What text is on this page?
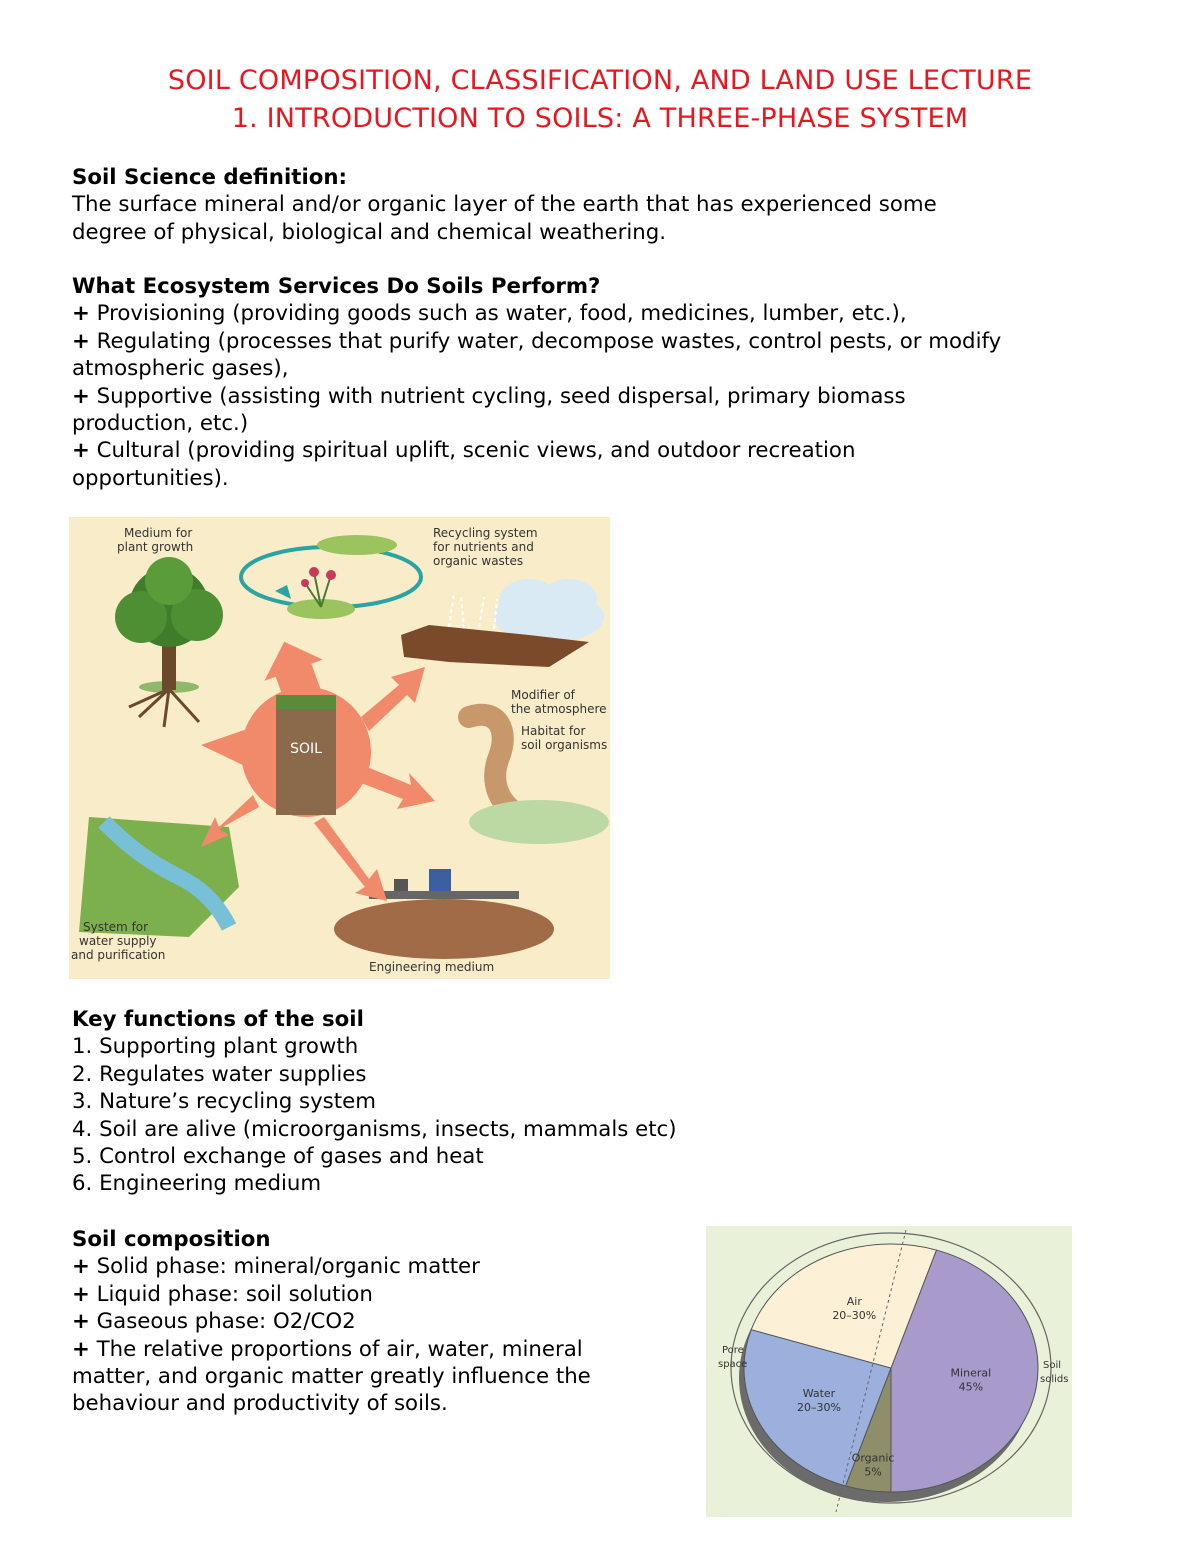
SOIL COMPOSITION, CLASSIFICATION, AND LAND USE LECTURE
1. INTRODUCTION TO SOILS: A THREE-PHASE SYSTEM

Soil Science definition:

The surface mineral and/or organic layer of the earth that has experienced some

degree of physical, biological and chemical weathering.

What Ecosystem Services Do Soils Perform?

+ Provisioning (providing goods such as water, food, medicines, lumber, etc.),

+ Regulating (processes that purify water, decompose wastes, control pests, or modify

atmospheric gases),

+ Supportive (assisting with nutrient cycling, seed dispersal, primary biomass

production, etc.)

+ Cultural (providing spiritual uplift, scenic views, and outdoor recreation

opportunities).

SOIL
Medium for
plant growth
Recycling system
for nutrients and
organic wastes
Modifier of
the atmosphere
Habitat for
soil organisms
System for
water supply
and purification
Engineering medium

Key functions of the soil

1. Supporting plant growth

2. Regulates water supplies

3. Nature’s recycling system

4. Soil are alive (microorganisms, insects, mammals etc)

5. Control exchange of gases and heat

6. Engineering medium

Soil composition

+ Solid phase: mineral/organic matter

+ Liquid phase: soil solution

+ Gaseous phase: O2/CO2

+ The relative proportions of air, water, mineral

matter, and organic matter greatly influence the

behaviour and productivity of soils.

Mineral
45%
Organic
5%
Water
20–30%
Air
20–30%
Pore
space	Soil
solids
